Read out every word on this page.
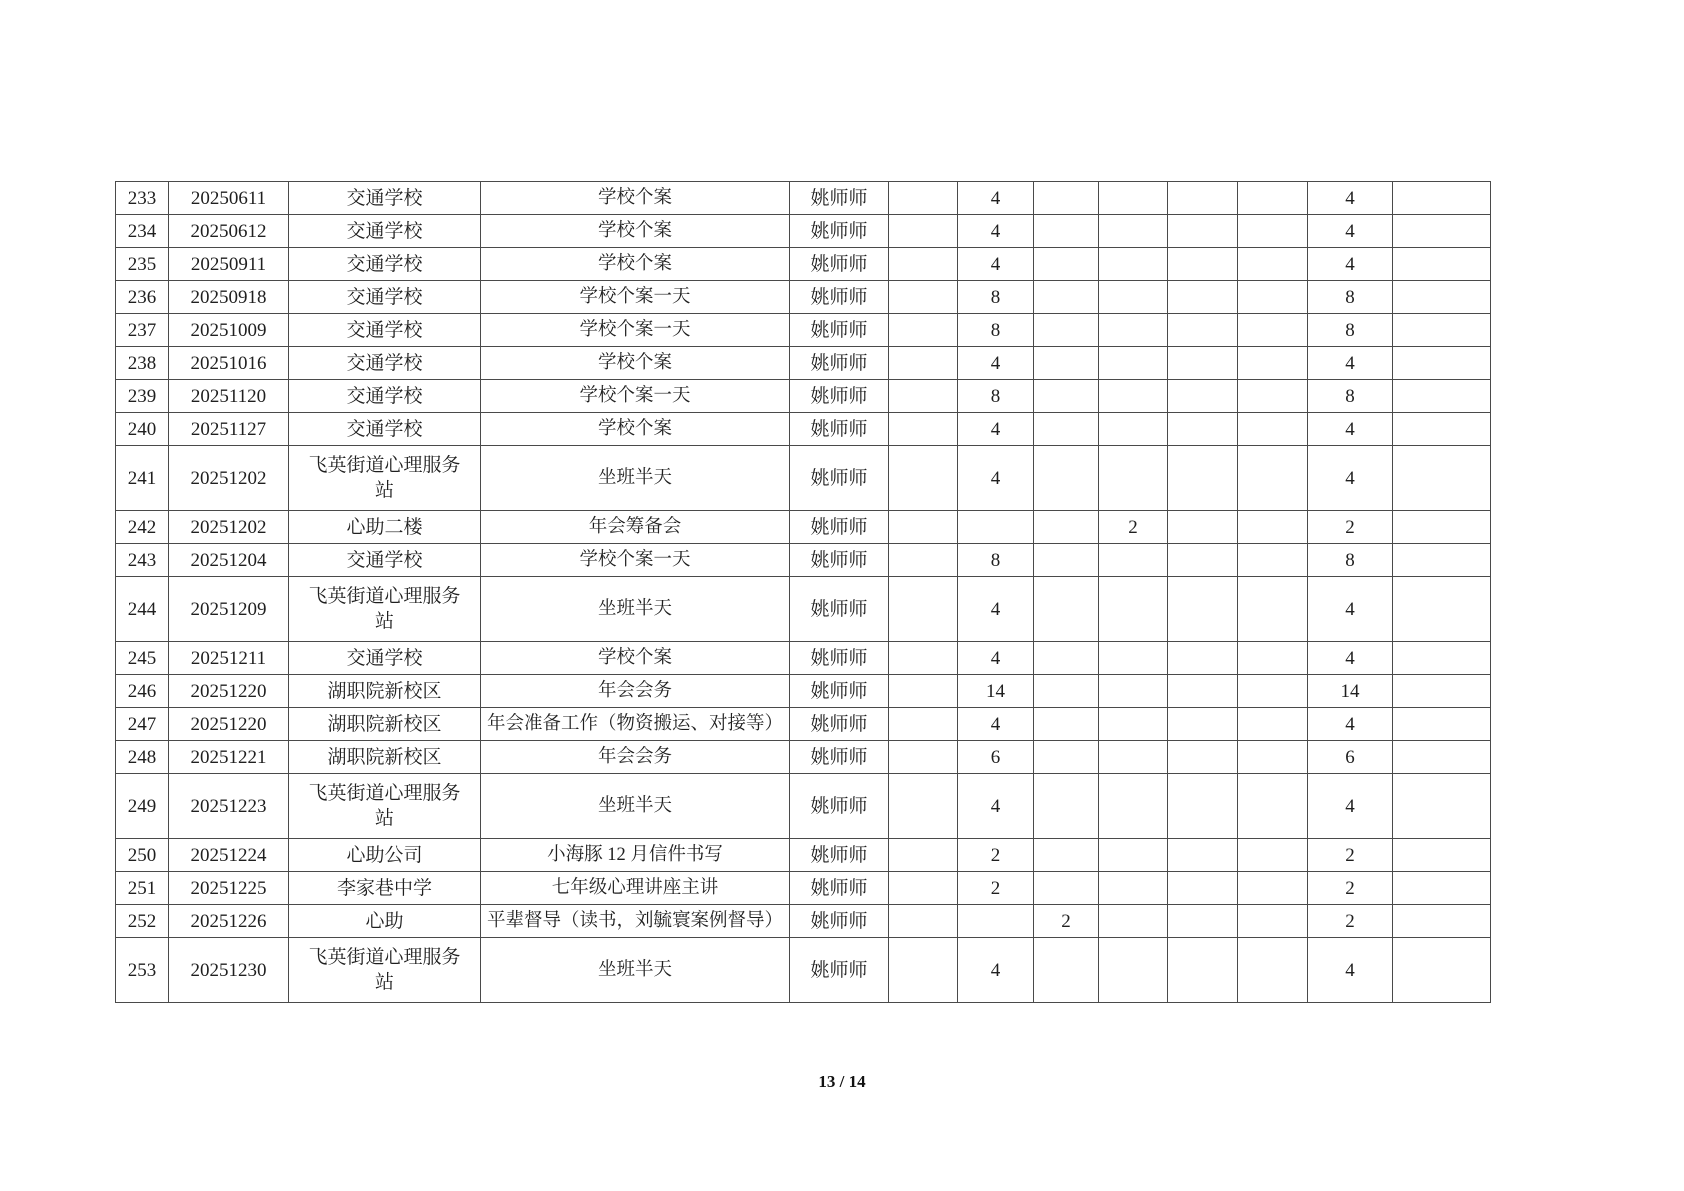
233	20250611	交通学校	学校个案	姚师师		4					4	
234	20250612	交通学校	学校个案	姚师师		4					4	
235	20250911	交通学校	学校个案	姚师师		4					4	
236	20250918	交通学校	学校个案一天	姚师师		8					8	
237	20251009	交通学校	学校个案一天	姚师师		8					8	
238	20251016	交通学校	学校个案	姚师师		4					4	
239	20251120	交通学校	学校个案一天	姚师师		8					8	
240	20251127	交通学校	学校个案	姚师师		4					4	
241	20251202	飞英街道心理服务站	坐班半天	姚师师		4					4	
242	20251202	心助二楼	年会筹备会	姚师师				2			2	
243	20251204	交通学校	学校个案一天	姚师师		8					8	
244	20251209	飞英街道心理服务站	坐班半天	姚师师		4					4	
245	20251211	交通学校	学校个案	姚师师		4					4	
246	20251220	湖职院新校区	年会会务	姚师师		14					14	
247	20251220	湖职院新校区	年会准备工作（物资搬运、对接等）	姚师师		4					4	
248	20251221	湖职院新校区	年会会务	姚师师		6					6	
249	20251223	飞英街道心理服务站	坐班半天	姚师师		4					4	
250	20251224	心助公司	小海豚 12 月信件书写	姚师师		2					2	
251	20251225	李家巷中学	七年级心理讲座主讲	姚师师		2					2	
252	20251226	心助	平辈督导（读书，刘毓寰案例督导）	姚师师			2				2	
253	20251230	飞英街道心理服务站	坐班半天	姚师师		4					4	
13 / 14
